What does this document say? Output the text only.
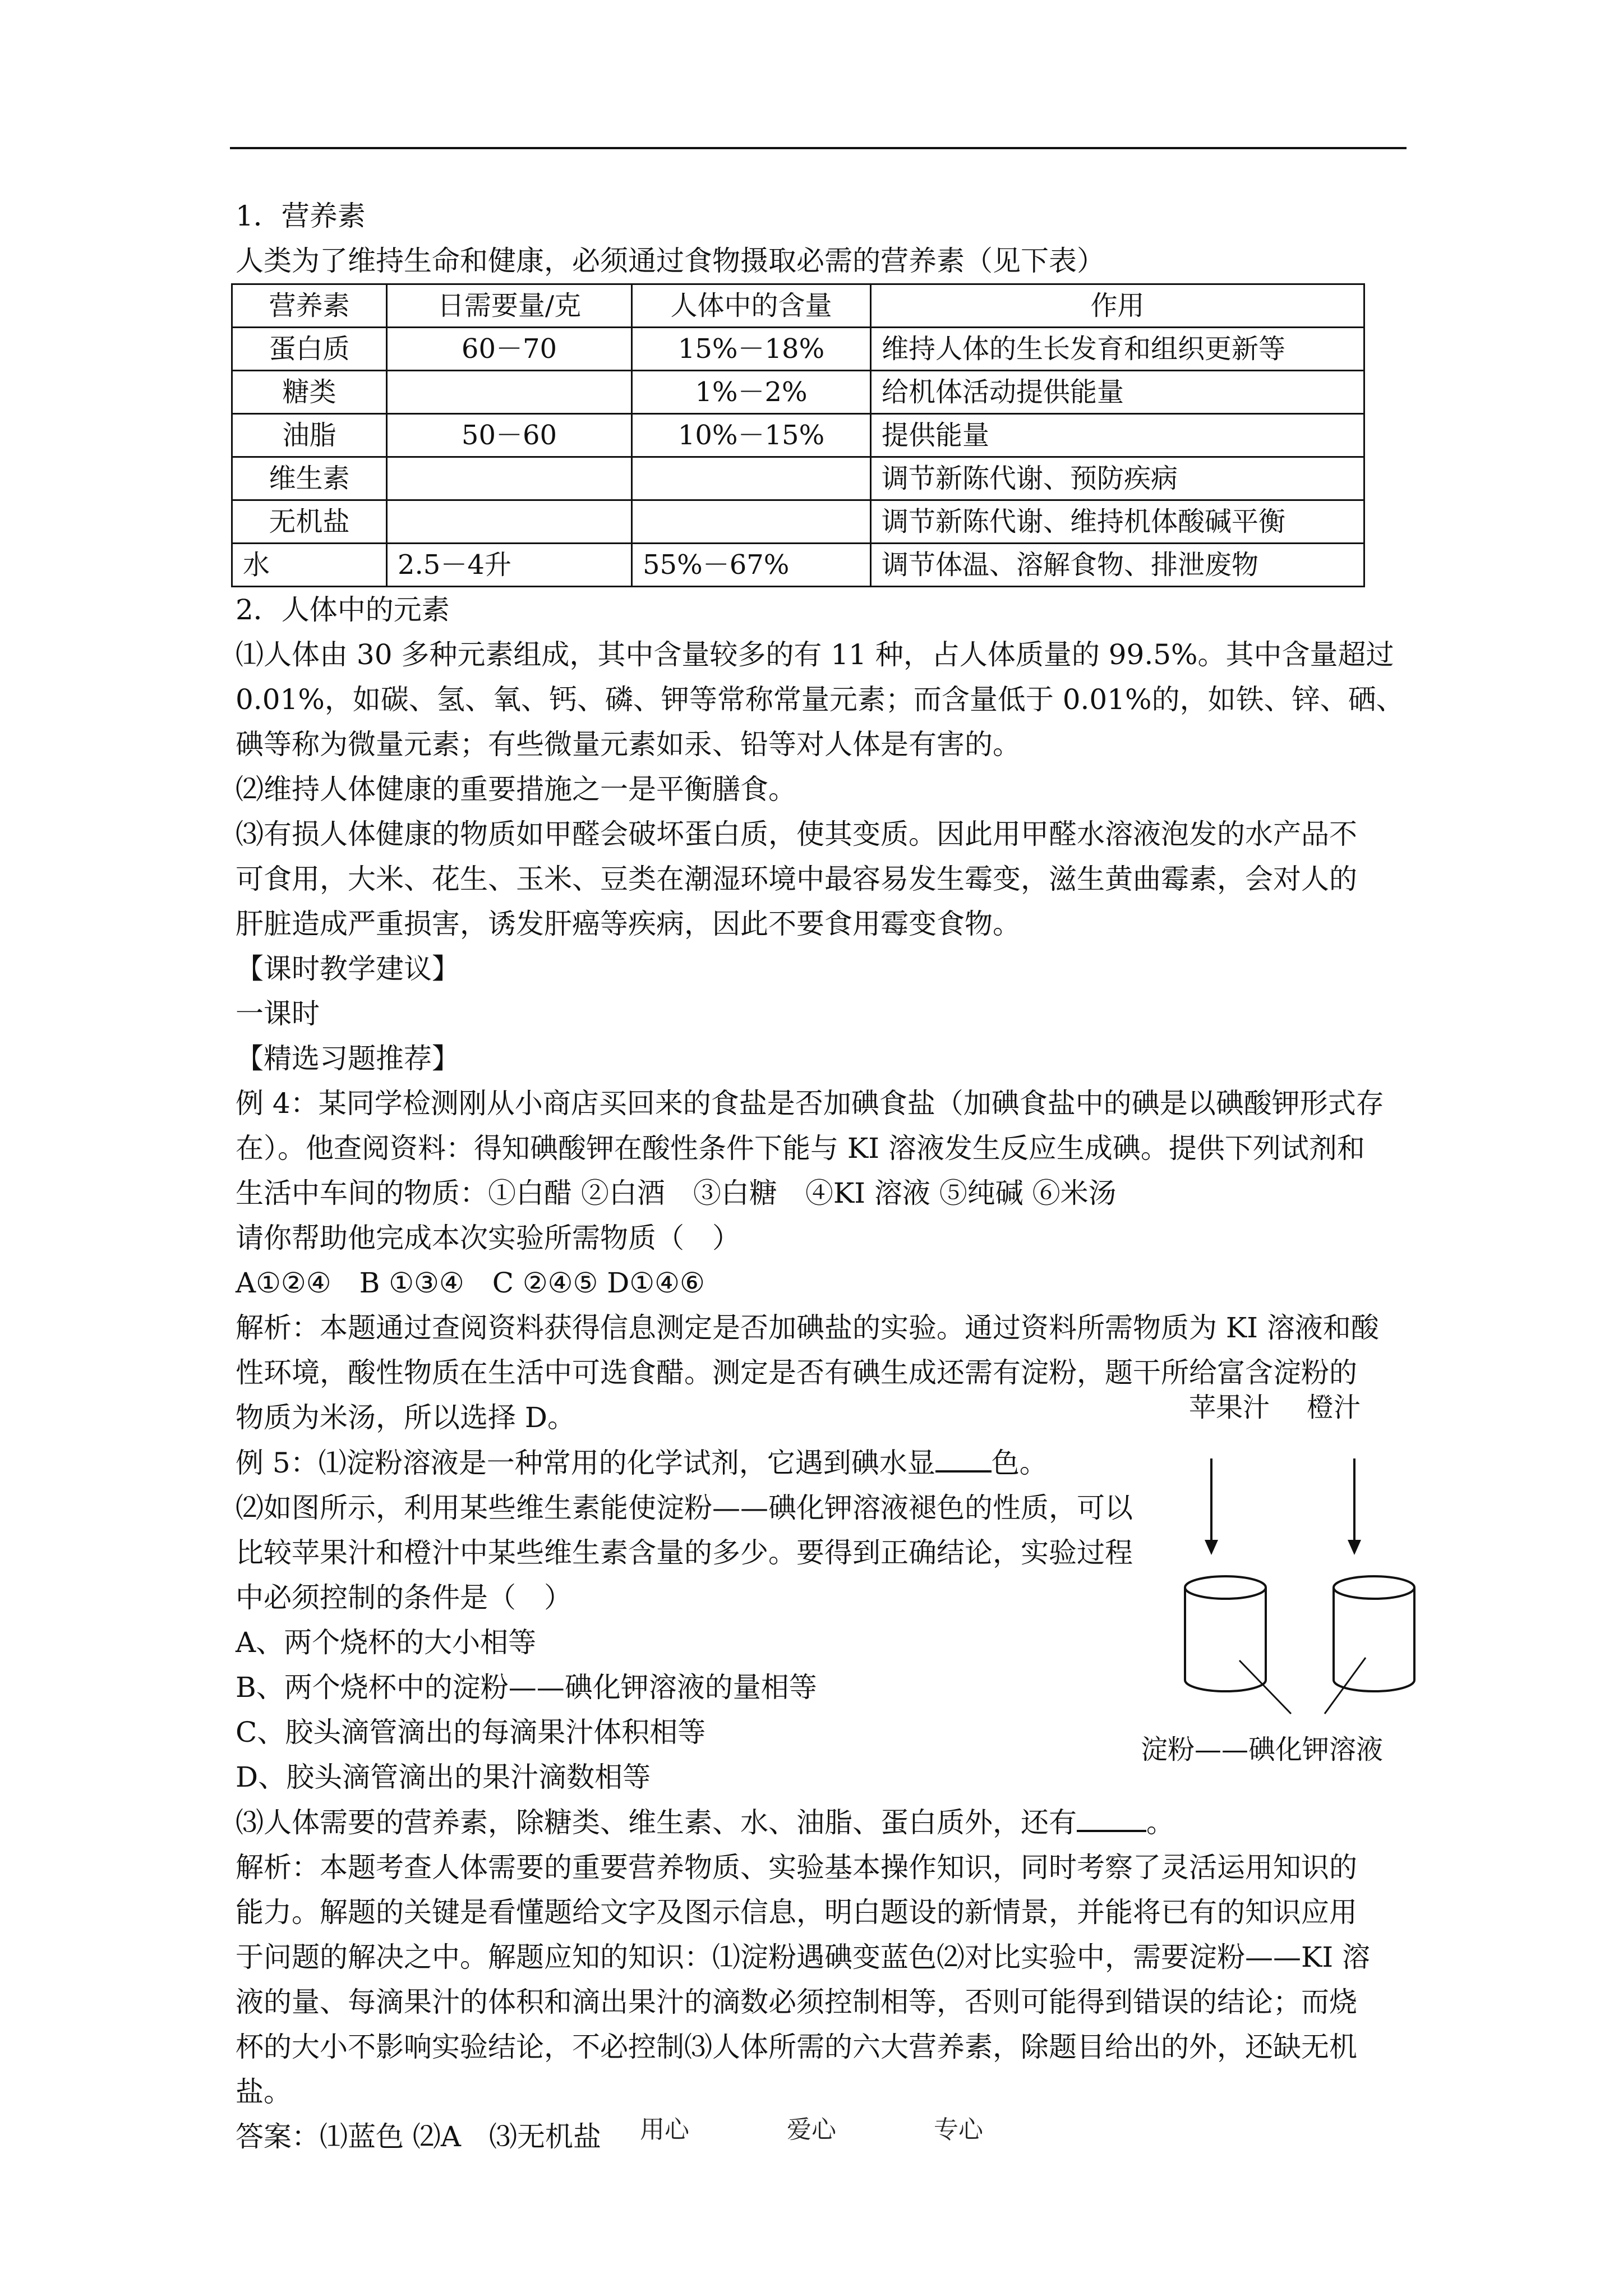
1．营养素

人类为了维持生命和健康，必须通过食物摄取必需的营养素（见下表）

营养素	日需要量/克	人体中的含量	作用
蛋白质	60－70	15%－18%	维持人体的生长发育和组织更新等
糖类		1%－2%	给机体活动提供能量
油脂	50－60	10%－15%	提供能量
维生素			调节新陈代谢、预防疾病
无机盐			调节新陈代谢、维持机体酸碱平衡
水	2.5－4升	55%－67%	调节体温、溶解食物、排泄废物

2．人体中的元素

⑴人体由 30 多种元素组成，其中含量较多的有 11 种，占人体质量的 99.5%。其中含量超过

0.01%，如碳、氢、氧、钙、磷、钾等常称常量元素；而含量低于 0.01%的，如铁、锌、硒、

碘等称为微量元素；有些微量元素如汞、铅等对人体是有害的。

⑵维持人体健康的重要措施之一是平衡膳食。

⑶有损人体健康的物质如甲醛会破坏蛋白质，使其变质。因此用甲醛水溶液泡发的水产品不

可食用，大米、花生、玉米、豆类在潮湿环境中最容易发生霉变，滋生黄曲霉素，会对人的

肝脏造成严重损害，诱发肝癌等疾病，因此不要食用霉变食物。

【课时教学建议】

一课时

【精选习题推荐】

例 4：某同学检测刚从小商店买回来的食盐是否加碘食盐（加碘食盐中的碘是以碘酸钾形式存

在）。他查阅资料：得知碘酸钾在酸性条件下能与 KI 溶液发生反应生成碘。提供下列试剂和

生活中车间的物质：①白醋 ②白酒　③白糖　④KI 溶液 ⑤纯碱 ⑥米汤

请你帮助他完成本次实验所需物质（　）

A①②④　B ①③④　C ②④⑤ D①④⑥

解析：本题通过查阅资料获得信息测定是否加碘盐的实验。通过资料所需物质为 KI 溶液和酸

性环境，酸性物质在生活中可选食醋。测定是否有碘生成还需有淀粉，题干所给富含淀粉的

物质为米汤，所以选择 D。

例 5：⑴淀粉溶液是一种常用的化学试剂，它遇到碘水显 色。

⑵如图所示，利用某些维生素能使淀粉——碘化钾溶液褪色的性质，可以

比较苹果汁和橙汁中某些维生素含量的多少。要得到正确结论，实验过程

中必须控制的条件是（　）

A、两个烧杯的大小相等

B、两个烧杯中的淀粉——碘化钾溶液的量相等

C、胶头滴管滴出的每滴果汁体积相等

D、胶头滴管滴出的果汁滴数相等

⑶人体需要的营养素，除糖类、维生素、水、油脂、蛋白质外，还有 。

解析：本题考查人体需要的重要营养物质、实验基本操作知识，同时考察了灵活运用知识的

能力。解题的关键是看懂题给文字及图示信息，明白题设的新情景，并能将已有的知识应用

于问题的解决之中。解题应知的知识：⑴淀粉遇碘变蓝色⑵对比实验中，需要淀粉——KI 溶

液的量、每滴果汁的体积和滴出果汁的滴数必须控制相等，否则可能得到错误的结论；而烧

杯的大小不影响实验结论，不必控制⑶人体所需的六大营养素，除题目给出的外，还缺无机

盐。

答案：⑴蓝色 ⑵A　⑶无机盐

苹果汁 橙汁
淀粉——碘化钾溶液
用心	爱心	专心
